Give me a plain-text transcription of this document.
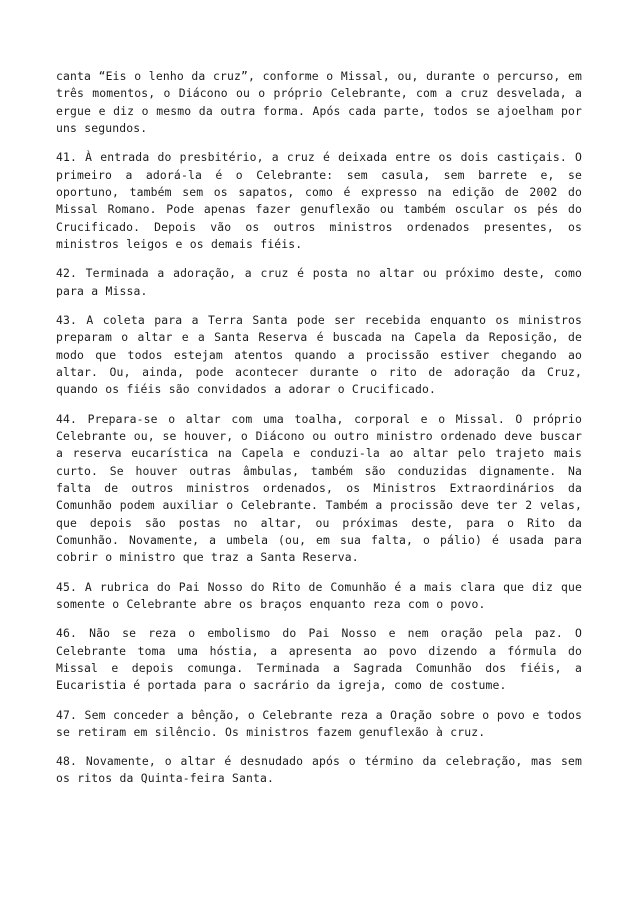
canta “Eis o lenho da cruz”, conforme o Missal, ou, durante o percurso, em três momentos, o Diácono ou o próprio Celebrante, com a cruz desvelada, a ergue e diz o mesmo da outra forma. Após cada parte, todos se ajoelham por uns segundos.

41. À entrada do presbitério, a cruz é deixada entre os dois castiçais. O primeiro a adorá-la é o Celebrante: sem casula, sem barrete e, se oportuno, também sem os sapatos, como é expresso na edição de 2002 do Missal Romano. Pode apenas fazer genuflexão ou também oscular os pés do Crucificado. Depois vão os outros ministros ordenados presentes, os ministros leigos e os demais fiéis.

42. Terminada a adoração, a cruz é posta no altar ou próximo deste, como para a Missa.

43. A coleta para a Terra Santa pode ser recebida enquanto os ministros preparam o altar e a Santa Reserva é buscada na Capela da Reposição, de modo que todos estejam atentos quando a procissão estiver chegando ao altar. Ou, ainda, pode acontecer durante o rito de adoração da Cruz, quando os fiéis são convidados a adorar o Crucificado.

44. Prepara-se o altar com uma toalha, corporal e o Missal. O próprio Celebrante ou, se houver, o Diácono ou outro ministro ordenado deve buscar a reserva eucarística na Capela e conduzi-la ao altar pelo trajeto mais curto. Se houver outras âmbulas, também são conduzidas dignamente. Na falta de outros ministros ordenados, os Ministros Extraordinários da Comunhão podem auxiliar o Celebrante. Também a procissão deve ter 2 velas, que depois são postas no altar, ou próximas deste, para o Rito da Comunhão. Novamente, a umbela (ou, em sua falta, o pálio) é usada para cobrir o ministro que traz a Santa Reserva.

45. A rubrica do Pai Nosso do Rito de Comunhão é a mais clara que diz que somente o Celebrante abre os braços enquanto reza com o povo.

46. Não se reza o embolismo do Pai Nosso e nem oração pela paz. O Celebrante toma uma hóstia, a apresenta ao povo dizendo a fórmula do Missal e depois comunga. Terminada a Sagrada Comunhão dos fiéis, a Eucaristia é portada para o sacrário da igreja, como de costume.

47. Sem conceder a bênção, o Celebrante reza a Oração sobre o povo e todos se retiram em silêncio. Os ministros fazem genuflexão à cruz.

48. Novamente, o altar é desnudado após o término da celebração, mas sem os ritos da Quinta-feira Santa.
